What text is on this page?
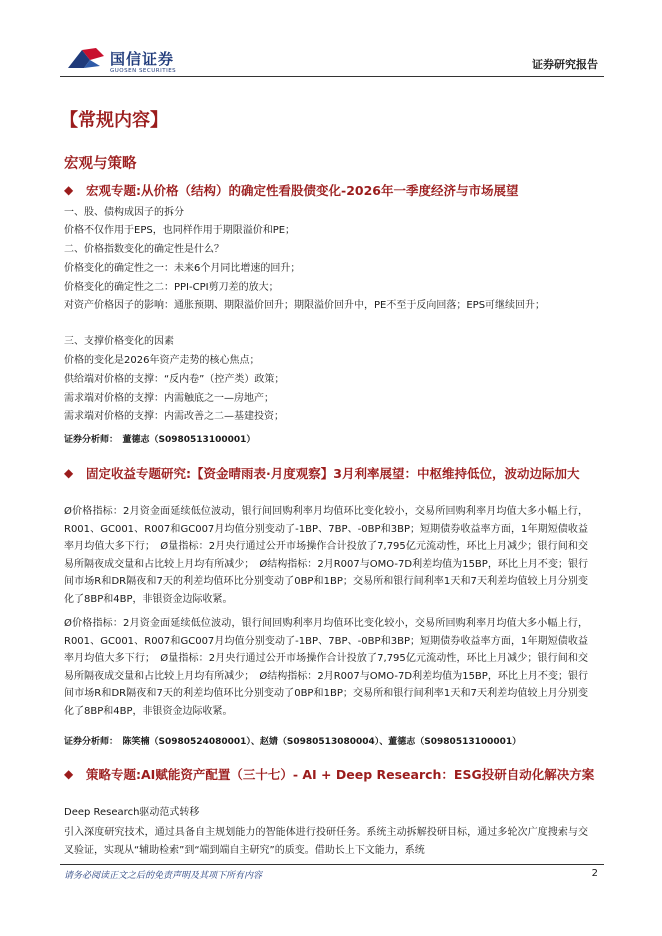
国信证券
GUOSEN SECURITIES	证券研究报告
【常规内容】
宏观与策略
◆ 宏观专题:从价格（结构）的确定性看股债变化-2026年一季度经济与市场展望
一、股、债构成因子的拆分
价格不仅作用于EPS，也同样作用于期限溢价和PE；
二、价格指数变化的确定性是什么？
价格变化的确定性之一：未来6个月同比增速的回升；
价格变化的确定性之二：PPI-CPI剪刀差的放大；
对资产价格因子的影响：通胀预期、期限溢价回升；期限溢价回升中，PE不至于反向回落；EPS可继续回升；
三、支撑价格变化的因素
价格的变化是2026年资产走势的核心焦点；
供给端对价格的支撑：“反内卷”（控产类）政策；
需求端对价格的支撑：内需触底之一—房地产；
需求端对价格的支撑：内需改善之二—基建投资；
证券分析师：　董德志（S0980513100001）
◆ 固定收益专题研究:【资金晴雨表·月度观察】3月利率展望：中枢维持低位，波动边际加大
Ø价格指标：2月资金面延续低位波动，银行间回购利率月均值环比变化较小，交易所回购利率月均值大多小幅上行，R001、GC001、R007和GC007月均值分别变动了-1BP、7BP、-0BP和3BP；短期债券收益率方面，1年期短债收益率月均值大多下行；　Ø量指标：2月央行通过公开市场操作合计投放了7,795亿元流动性，环比上月减少；银行间和交易所隔夜成交量和占比较上月均有所减少；　Ø结构指标：2月R007与OMO-7D利差均值为15BP，环比上月不变；银行间市场R和DR隔夜和7天的利差均值环比分别变动了0BP和1BP；交易所和银行间利率1天和7天利差均值较上月分别变化了8BP和4BP，非银资金边际收紧。
Ø价格指标：2月资金面延续低位波动，银行间回购利率月均值环比变化较小，交易所回购利率月均值大多小幅上行，R001、GC001、R007和GC007月均值分别变动了-1BP、7BP、-0BP和3BP；短期债券收益率方面，1年期短债收益率月均值大多下行；　Ø量指标：2月央行通过公开市场操作合计投放了7,795亿元流动性，环比上月减少；银行间和交易所隔夜成交量和占比较上月均有所减少；　Ø结构指标：2月R007与OMO-7D利差均值为15BP，环比上月不变；银行间市场R和DR隔夜和7天的利差均值环比分别变动了0BP和1BP；交易所和银行间利率1天和7天利差均值较上月分别变化了8BP和4BP，非银资金边际收紧。
证券分析师：　陈笑楠（S0980524080001）、赵婧（S0980513080004）、董德志（S0980513100001）
◆ 策略专题:AI赋能资产配置（三十七）- AI + Deep Research：ESG投研自动化解决方案
Deep Research驱动范式转移
引入深度研究技术，通过具备自主规划能力的智能体进行投研任务。系统主动拆解投研目标，通过多轮次广度搜索与交叉验证，实现从“辅助检索”到“端到端自主研究”的质变。借助长上下文能力，系统
请务必阅读正文之后的免责声明及其项下所有内容	2
